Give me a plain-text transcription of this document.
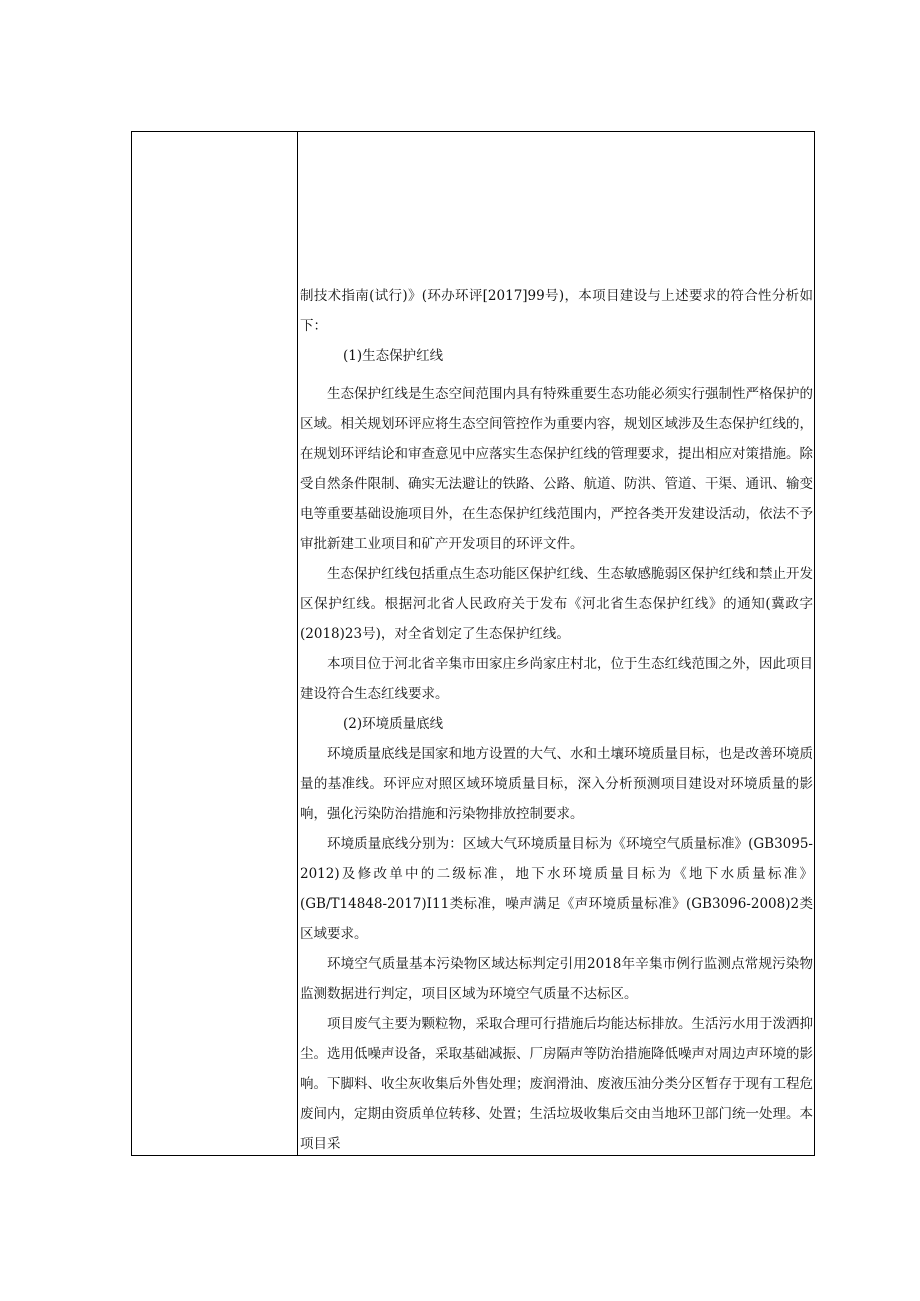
制技术指南(试行)》(环办环评[2017]99号)，本项目建设与上述要求的符合性分析如下：

(1)生态保护红线

生态保护红线是生态空间范围内具有特殊重要生态功能必须实行强制性严格保护的区域。相关规划环评应将生态空间管控作为重要内容，规划区域涉及生态保护红线的，在规划环评结论和审查意见中应落实生态保护红线的管理要求，提出相应对策措施。除受自然条件限制、确实无法避让的铁路、公路、航道、防洪、管道、干渠、通讯、输变电等重要基础设施项目外，在生态保护红线范围内，严控各类开发建设活动，依法不予审批新建工业项目和矿产开发项目的环评文件。

生态保护红线包括重点生态功能区保护红线、生态敏感脆弱区保护红线和禁止开发区保护红线。根据河北省人民政府关于发布《河北省生态保护红线》的通知(冀政字(2018)23号)，对全省划定了生态保护红线。

本项目位于河北省辛集市田家庄乡尚家庄村北，位于生态红线范围之外，因此项目建设符合生态红线要求。

(2)环境质量底线

环境质量底线是国家和地方设置的大气、水和土壤环境质量目标，也是改善环境质量的基准线。环评应对照区域环境质量目标，深入分析预测项目建设对环境质量的影响，强化污染防治措施和污染物排放控制要求。

环境质量底线分别为：区域大气环境质量目标为《环境空气质量标准》(GB3095-2012)及修改单中的二级标准，地下水环境质量目标为《地下水质量标准》(GB/T14848-2017)I11类标准，噪声满足《声环境质量标准》(GB3096-2008)2类区域要求。

环境空气质量基本污染物区域达标判定引用2018年辛集市例行监测点常规污染物监测数据进行判定，项目区域为环境空气质量不达标区。

项目废气主要为颗粒物，采取合理可行措施后均能达标排放。生活污水用于泼洒抑尘。选用低噪声设备，采取基础减振、厂房隔声等防治措施降低噪声对周边声环境的影响。下脚料、收尘灰收集后外售处理；废润滑油、废液压油分类分区暂存于现有工程危废间内，定期由资质单位转移、处置；生活垃圾收集后交由当地环卫部门统一处理。本项目采
